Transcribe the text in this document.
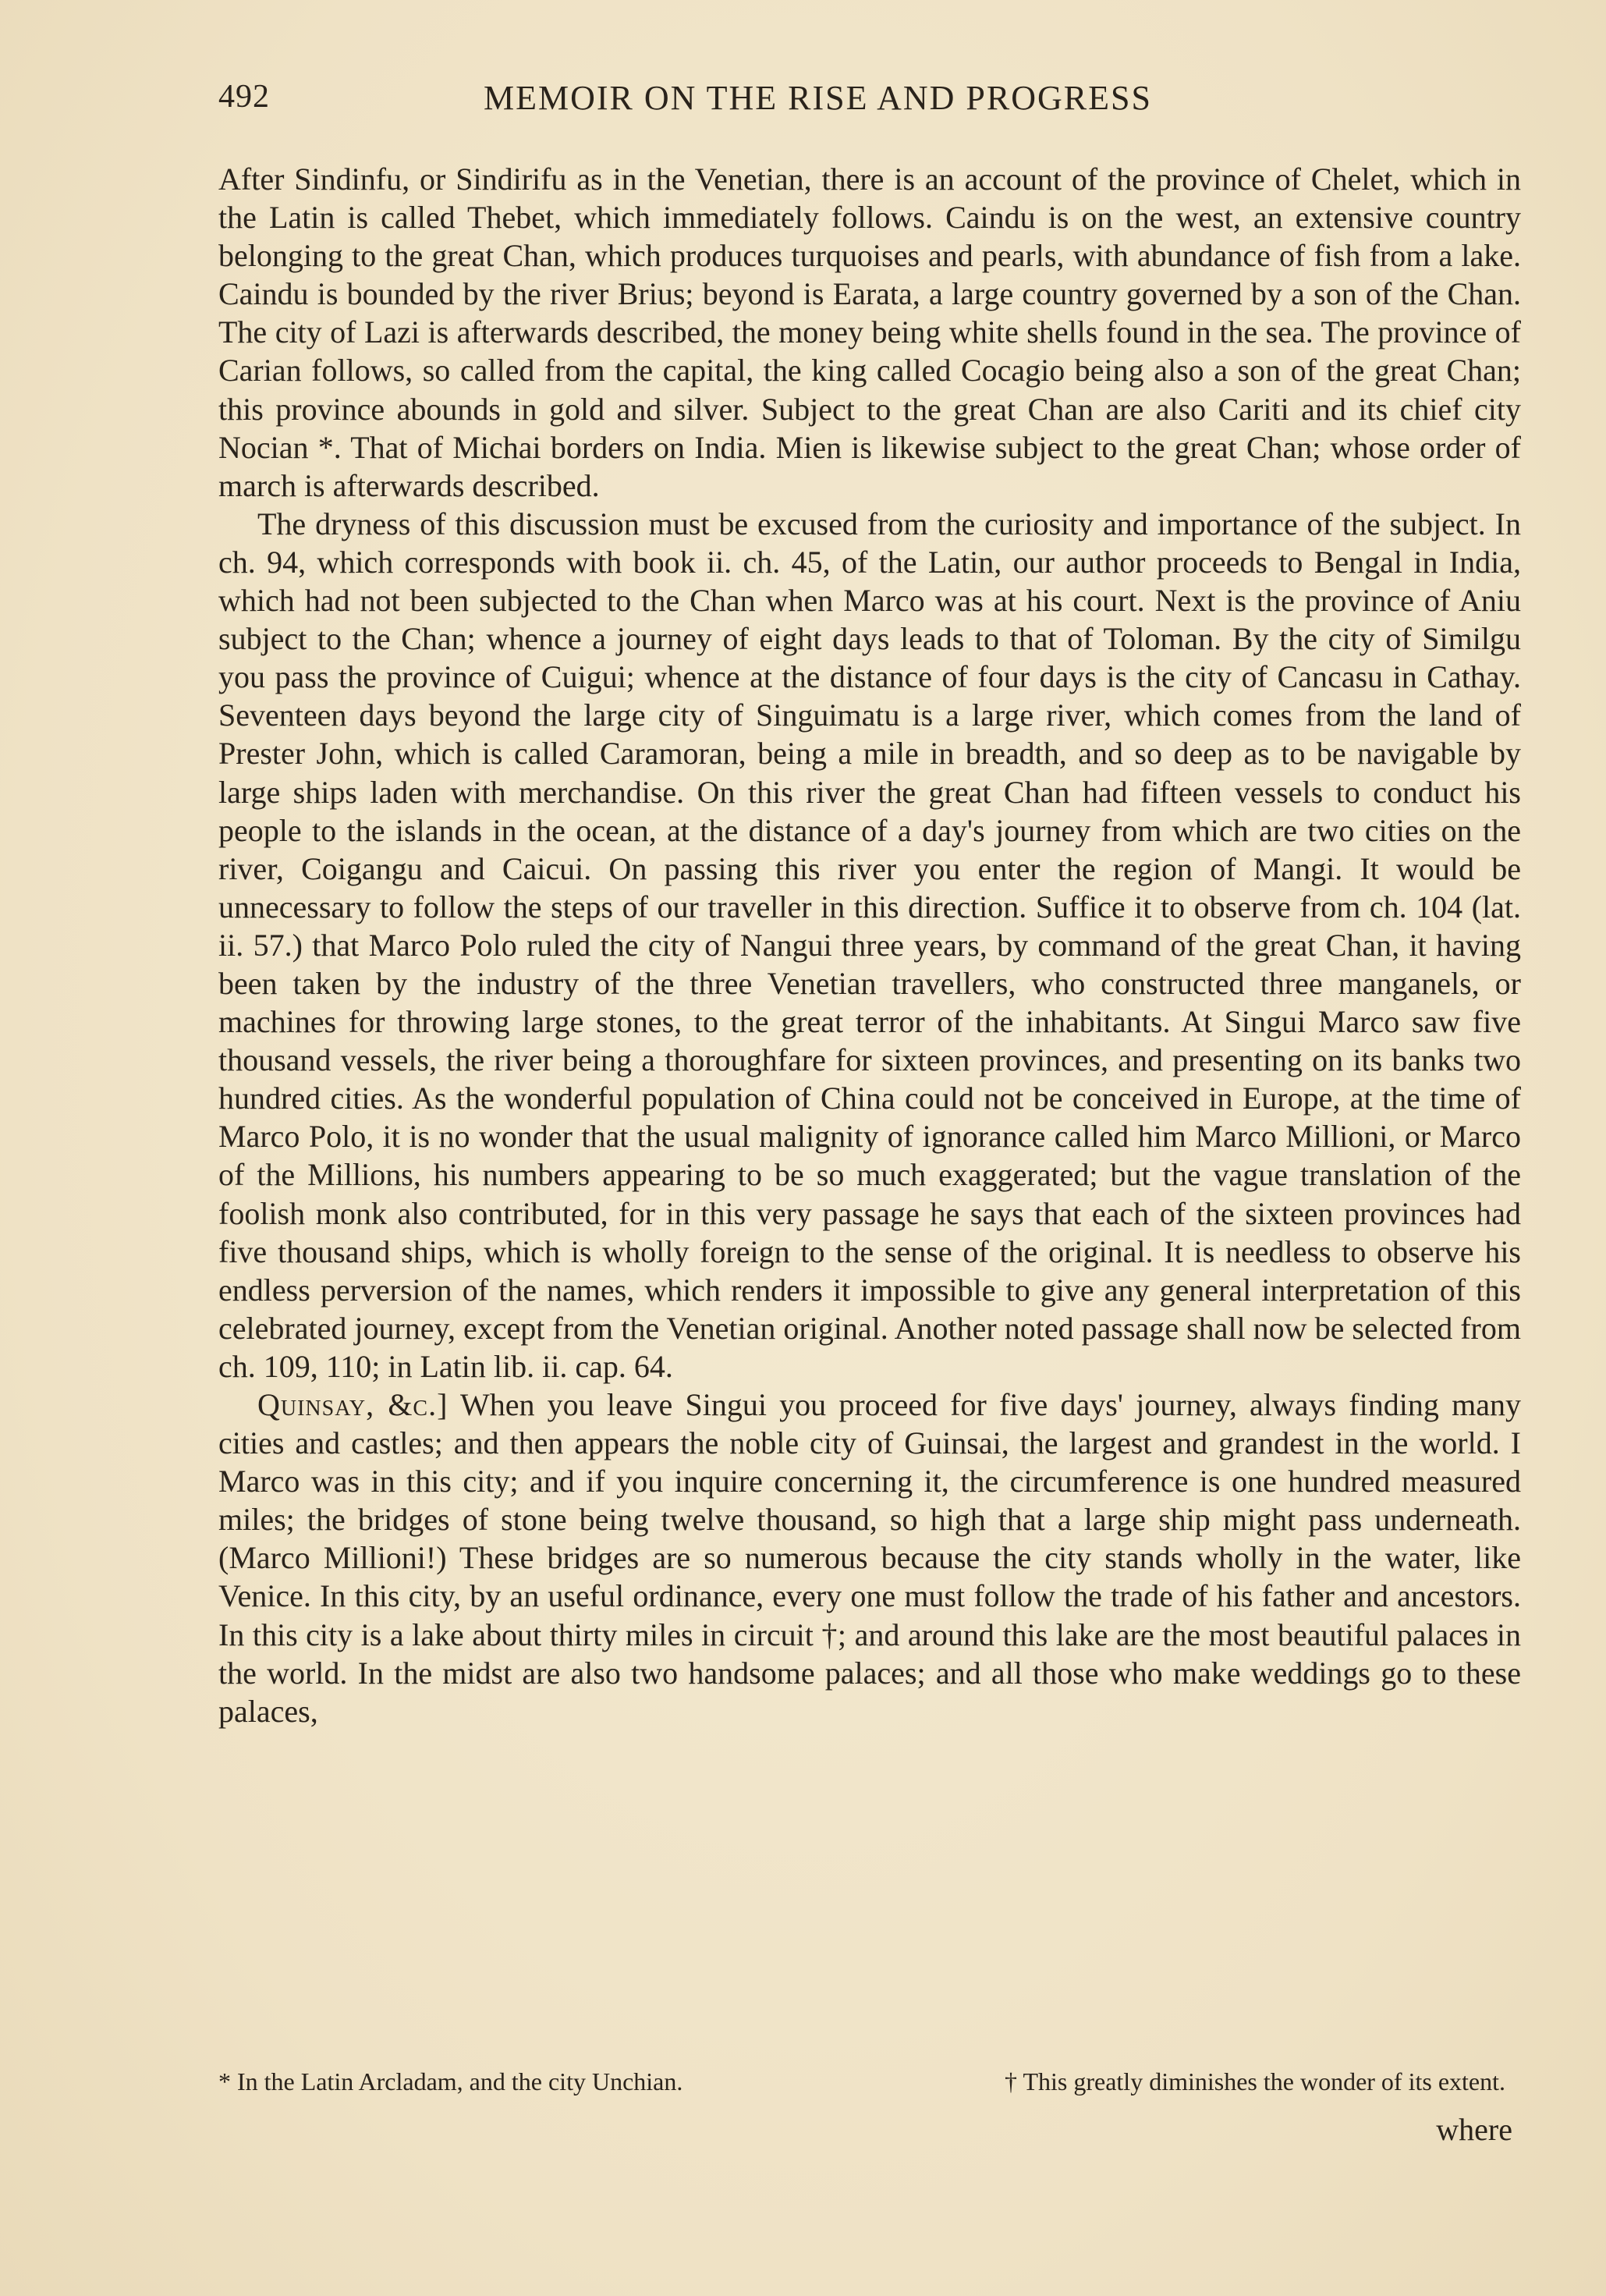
492	MEMOIR ON THE RISE AND PROGRESS

After Sindinfu, or Sindirifu as in the Venetian, there is an account of the province of Chelet, which in the Latin is called Thebet, which immediately follows. Caindu is on the west, an extensive country belonging to the great Chan, which produces turquoises and pearls, with abundance of fish from a lake. Caindu is bounded by the river Brius; beyond is Earata, a large country governed by a son of the Chan. The city of Lazi is afterwards described, the money being white shells found in the sea. The province of Carian follows, so called from the capital, the king called Cocagio being also a son of the great Chan; this province abounds in gold and silver. Subject to the great Chan are also Cariti and its chief city Nocian *. That of Michai borders on India. Mien is likewise subject to the great Chan; whose order of march is afterwards described.

The dryness of this discussion must be excused from the curiosity and importance of the subject. In ch. 94, which corresponds with book ii. ch. 45, of the Latin, our author proceeds to Bengal in India, which had not been subjected to the Chan when Marco was at his court. Next is the province of Aniu subject to the Chan; whence a journey of eight days leads to that of Toloman. By the city of Similgu you pass the province of Cuigui; whence at the distance of four days is the city of Cancasu in Cathay. Seventeen days beyond the large city of Singuimatu is a large river, which comes from the land of Prester John, which is called Caramoran, being a mile in breadth, and so deep as to be navigable by large ships laden with merchandise. On this river the great Chan had fifteen vessels to conduct his people to the islands in the ocean, at the distance of a day's journey from which are two cities on the river, Coigangu and Caicui. On passing this river you enter the region of Mangi. It would be unnecessary to follow the steps of our traveller in this direction. Suffice it to observe from ch. 104 (lat. ii. 57.) that Marco Polo ruled the city of Nangui three years, by command of the great Chan, it having been taken by the industry of the three Venetian travellers, who constructed three manganels, or machines for throwing large stones, to the great terror of the inhabitants. At Singui Marco saw five thousand vessels, the river being a thoroughfare for sixteen provinces, and presenting on its banks two hundred cities. As the wonderful population of China could not be conceived in Europe, at the time of Marco Polo, it is no wonder that the usual malignity of ignorance called him Marco Millioni, or Marco of the Millions, his numbers appearing to be so much exaggerated; but the vague translation of the foolish monk also contributed, for in this very passage he says that each of the sixteen provinces had five thousand ships, which is wholly foreign to the sense of the original. It is needless to observe his endless perversion of the names, which renders it impossible to give any general interpretation of this celebrated journey, except from the Venetian original. Another noted passage shall now be selected from ch. 109, 110; in Latin lib. ii. cap. 64.

Quinsay, &c.] When you leave Singui you proceed for five days' journey, always finding many cities and castles; and then appears the noble city of Guinsai, the largest and grandest in the world. I Marco was in this city; and if you inquire concerning it, the circumference is one hundred measured miles; the bridges of stone being twelve thousand, so high that a large ship might pass underneath. (Marco Millioni!) These bridges are so numerous because the city stands wholly in the water, like Venice. In this city, by an useful ordinance, every one must follow the trade of his father and ancestors. In this city is a lake about thirty miles in circuit †; and around this lake are the most beautiful palaces in the world. In the midst are also two handsome palaces; and all those who make weddings go to these palaces,

* In the Latin Arcladam, and the city Unchian.	† This greatly diminishes the wonder of its extent.
where
